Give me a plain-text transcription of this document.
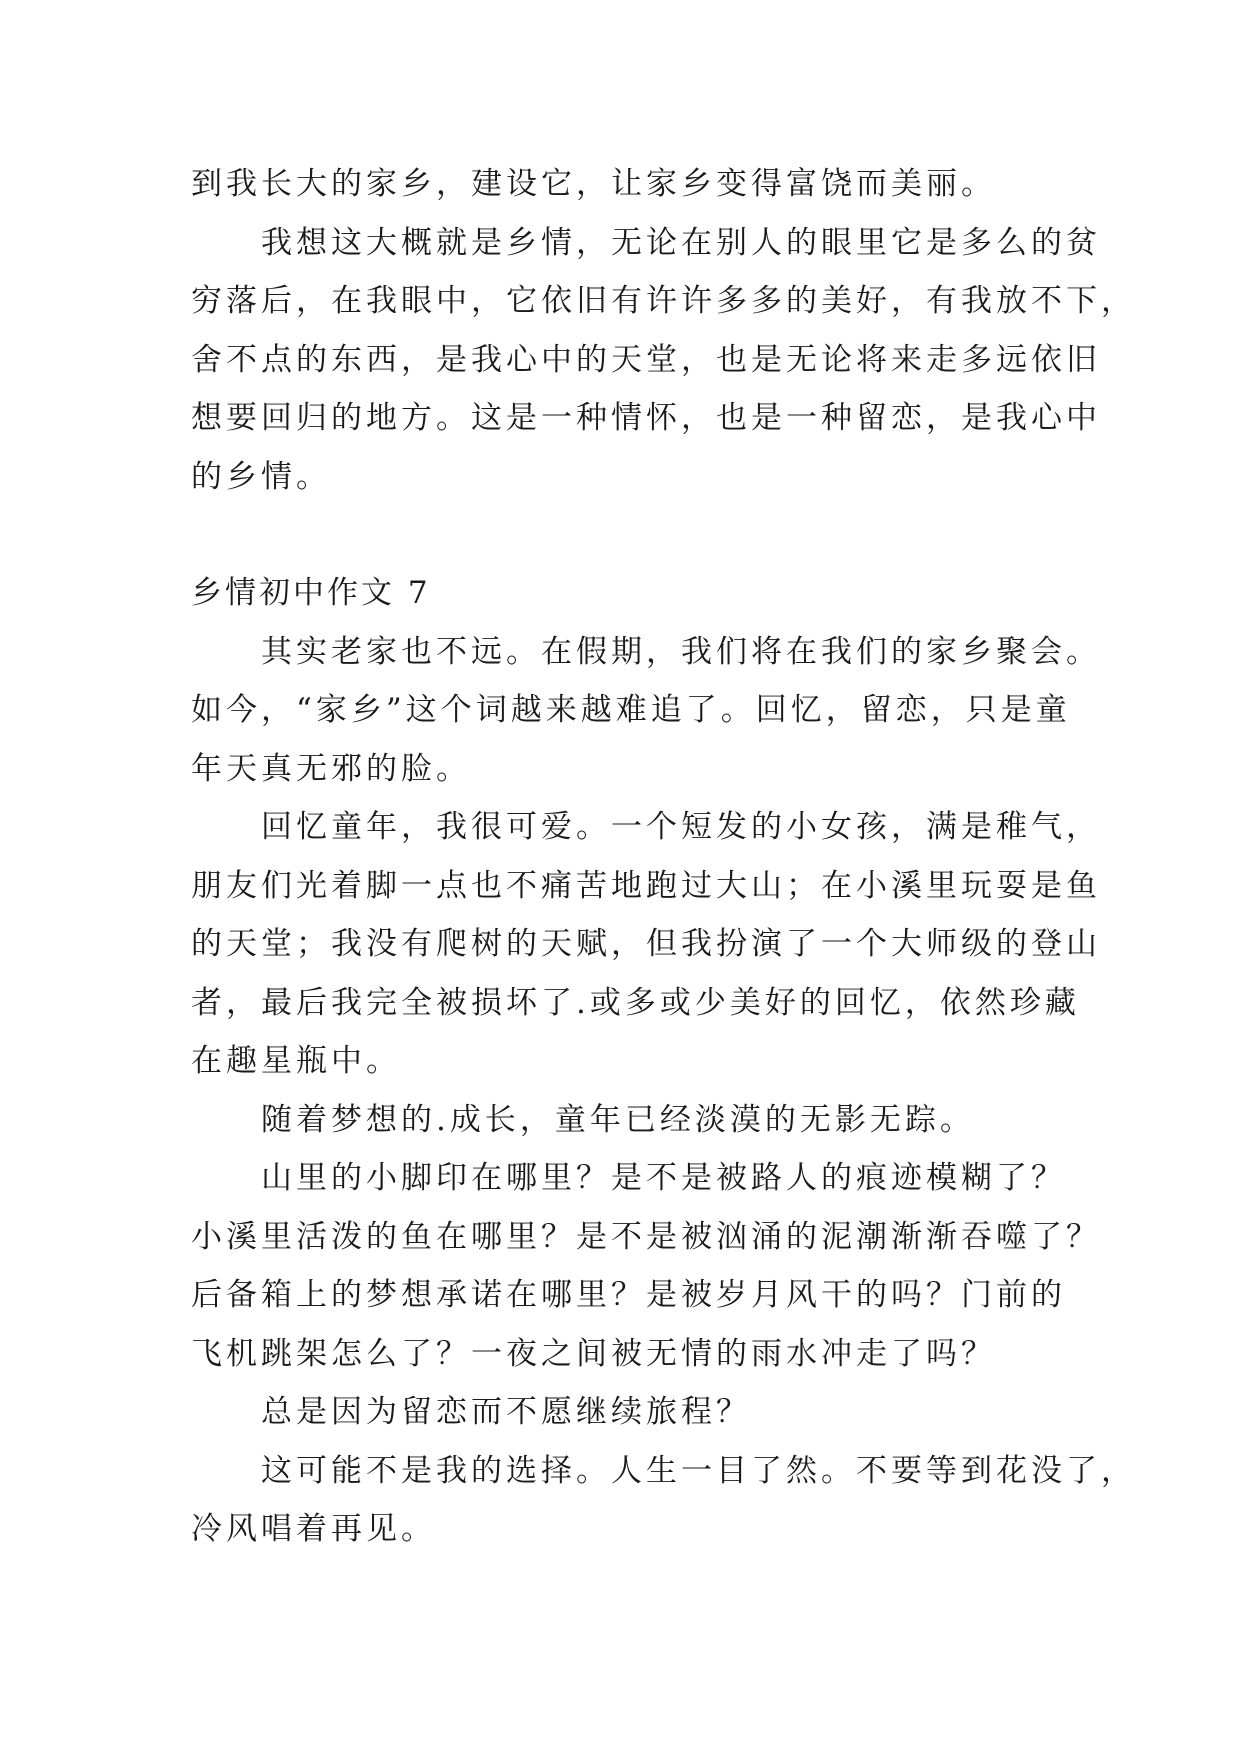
到我长大的家乡，建设它，让家乡变得富饶而美丽。
我想这大概就是乡情，无论在别人的眼里它是多么的贫
穷落后，在我眼中，它依旧有许许多多的美好，有我放不下，
舍不点的东西，是我心中的天堂，也是无论将来走多远依旧
想要回归的地方。这是一种情怀，也是一种留恋，是我心中
的乡情。
乡情初中作文 7
其实老家也不远。在假期，我们将在我们的家乡聚会。
如今，“家乡”这个词越来越难追了。回忆，留恋，只是童
年天真无邪的脸。
回忆童年，我很可爱。一个短发的小女孩，满是稚气，
朋友们光着脚一点也不痛苦地跑过大山；在小溪里玩耍是鱼
的天堂；我没有爬树的天赋，但我扮演了一个大师级的登山
者，最后我完全被损坏了.或多或少美好的回忆，依然珍藏
在趣星瓶中。
随着梦想的.成长，童年已经淡漠的无影无踪。
山里的小脚印在哪里？是不是被路人的痕迹模糊了？
小溪里活泼的鱼在哪里？是不是被汹涌的泥潮渐渐吞噬了？
后备箱上的梦想承诺在哪里？是被岁月风干的吗？门前的
飞机跳架怎么了？一夜之间被无情的雨水冲走了吗？
总是因为留恋而不愿继续旅程？
这可能不是我的选择。人生一目了然。不要等到花没了，
冷风唱着再见。
